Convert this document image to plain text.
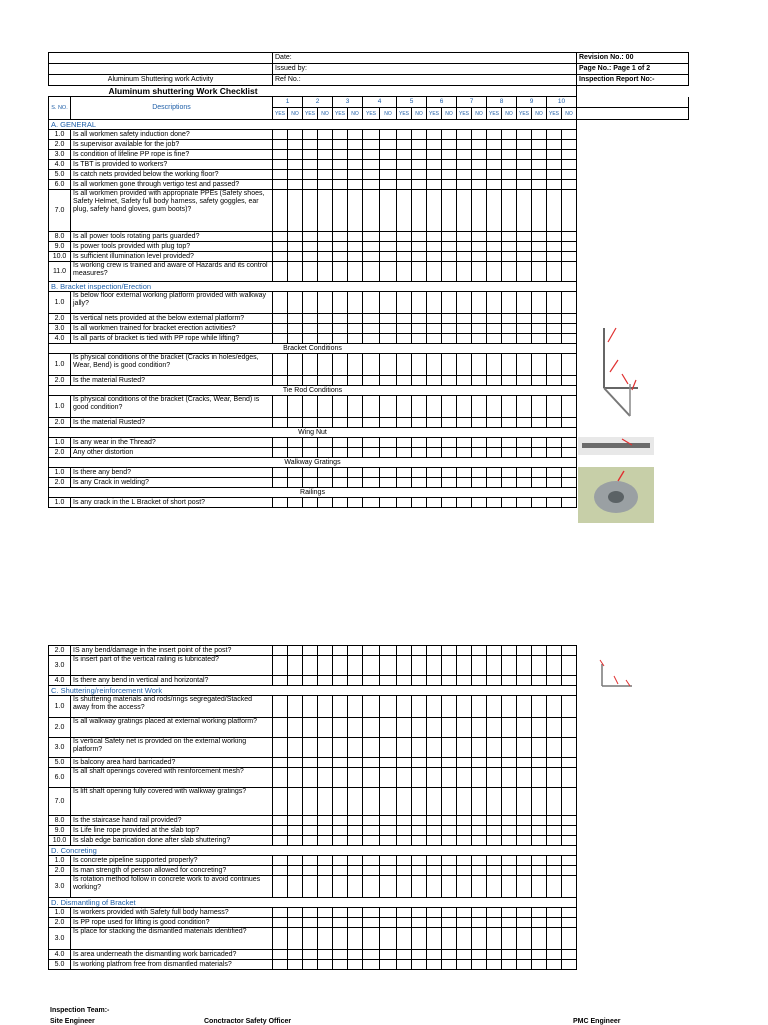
		Date:																				Revision No.: 00
		Issued by:																				Page No.: Page 1 of 2
Aluminum Shuttering work Activity		Ref No.:																				Inspection Report No:-
Aluminum shuttering Work Checklist																						
S. NO.	Descriptions	1		2		3		4		5		6		7		8		9		10		
		YES	NO	YES	NO	YES	NO	YES	NO	YES	NO	YES	NO	YES	NO	YES	NO	YES	NO	YES	NO	
A. GENERAL																						
1.0	Is all workmen safety induction done?																					
2.0	Is supervisor available for the job?																					
3.0	Is condition of lifeline PP rope is fine?																					
4.0	Is TBT is provided to workers?																					
5.0	Is catch nets provided below the working floor?																					
6.0	Is all workmen gone through vertigo test and passed?																					
7.0	Is all workmen provided with appropriate PPEs (Safety shoes, Safety Helmet, Safety full body harness, safety goggles, ear plug, safety hand gloves, gum boots)?																					
8.0	Is all power tools rotating parts guarded?																					
9.0	Is power tools provided with plug top?																					
10.0	Is sufficient illumination level provided?																					
11.0	Is working crew is trained and aware of Hazards and its control measures?																					
B. Bracket inspection/Erection																						
1.0	Is below floor external working platform provided with walkway jally?																					
2.0	Is vertical nets provided at the below external platform?																					
3.0	Is all workmen trained for bracket erection activities?																					
4.0	Is all parts of bracket is tied with PP rope while lifting?																					
Bracket Conditions																						
1.0	Is physical conditions of the bracket (Cracks in holes/edges, Wear, Bend) is good condition?																					
2.0	Is the material Rusted?																					
Tie Rod Conditions																						
1.0	Is physical conditions of the bracket (Cracks, Wear, Bend) is good condition?																					
2.0	Is the material Rusted?																					
Wing Nut																						
1.0	Is any wear in the Thread?																					
2.0	Any other distortion																					
Walkway Gratings																						
1.0	Is there any bend?																					
2.0	Is any Crack in welding?																					
Railings																						
1.0	Is any crack in the L Bracket of short post?																					
2.0	IS any bend/damage in the insert point of the post?																				
3.0	Is insert part of the vertical railing is lubricated?																				
4.0	Is there any bend in vertical and horizontal?																				
C. Shuttering/reinforcement Work																					
1.0	Is shuttering materials and rods/rings segregated/Stacked away from the access?																				
2.0	Is all walkway gratings placed at external working platform?																				
3.0	Is vertical Safety net is provided on the external working platform?																				
5.0	Is balcony area hard barricaded?																				
6.0	Is all shaft openings covered with reinforcement mesh?																				
7.0	Is lift shaft opening fully covered with walkway gratings?																				
8.0	Is the staircase hand rail provided?																				
9.0	Is Life line rope provided at the slab top?																				
10.0	Is slab edge barrication done after slab shuttering?																				
D. Concreting																					
1.0	Is concrete pipeline supported properly?																				
2.0	Is man strength of person allowed for concreting?																				
3.0	Is rotation method follow in concrete work to avoid continues working?																				
D. Dismantling of Bracket																					
1.0	Is workers provided with Safety full body harness?																				
2.0	Is PP rope used for lifting is good condition?																				
3.0	Is place for stacking the dismantled materials identified?																				
4.0	Is area underneath the dismantling work barricaded?																				
5.0	Is working platfrom free from dismantled materials?																				
Inspection Team:-
Site Engineer	Conctractor Safety Officer	PMC Engineer
